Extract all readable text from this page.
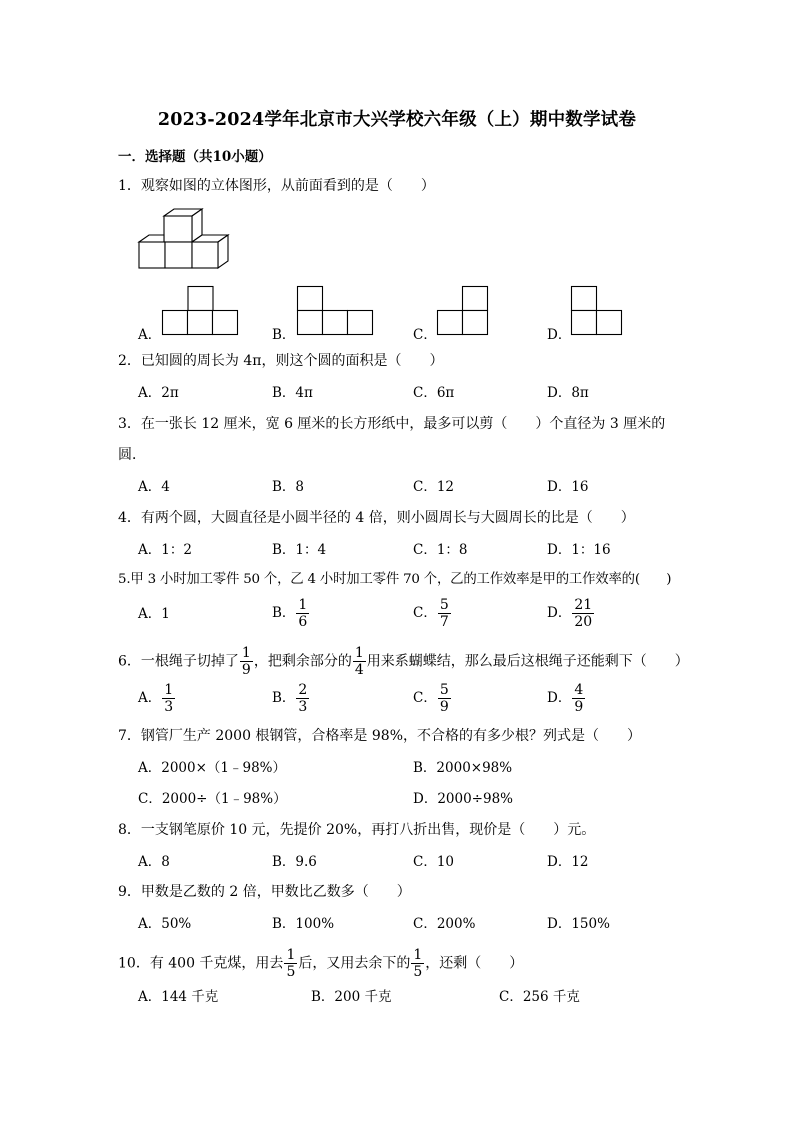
2023-2024学年北京市大兴学校六年级（上）期中数学试卷
一．选择题（共10小题）
1．观察如图的立体图形，从前面看到的是（　　）
A．	B．	C．	D．
2．已知圆的周长为 4π，则这个圆的面积是（　　）
A．2π	B．4π	C．6π	D．8π
3．在一张长 12 厘米，宽 6 厘米的长方形纸中，最多可以剪（　　）个直径为 3 厘米的
圆．
A．4	B．8	C．12	D．16
4．有两个圆，大圆直径是小圆半径的 4 倍，则小圆周长与大圆周长的比是（　　）
A．1：2	B．1：4	C．1：8	D．1：16
5.甲 3 小时加工零件 50 个，乙 4 小时加工零件 70 个，乙的工作效率是甲的工作效率的(　　)
A．1	B． $\frac{1}{6}$	C． $\frac{5}{7}$	D． $\frac{21}{20}$
6．一根绳子切掉了 $\frac{1}{9}$ ，把剩余部分的 $\frac{1}{4}$ 用来系蝴蝶结，那么最后这根绳子还能剩下（　　）
A． $\frac{1}{3}$	B． $\frac{2}{3}$	C． $\frac{5}{9}$	D． $\frac{4}{9}$
7．钢管厂生产 2000 根钢管，合格率是 98%，不合格的有多少根？列式是（　　）
A．2000×（1﹣98%）	B．2000×98%
C．2000÷（1﹣98%）	D．2000÷98%
8．一支钢笔原价 10 元，先提价 20%，再打八折出售，现价是（　　）元。
A．8	B．9.6	C．10	D．12
9．甲数是乙数的 2 倍，甲数比乙数多（　　）
A．50%	B．100%	C．200%	D．150%
10．有 400 千克煤，用去 $\frac{1}{5}$ 后，又用去余下的 $\frac{1}{5}$ ，还剩（　　）
A．144 千克	B．200 千克	C．256 千克
